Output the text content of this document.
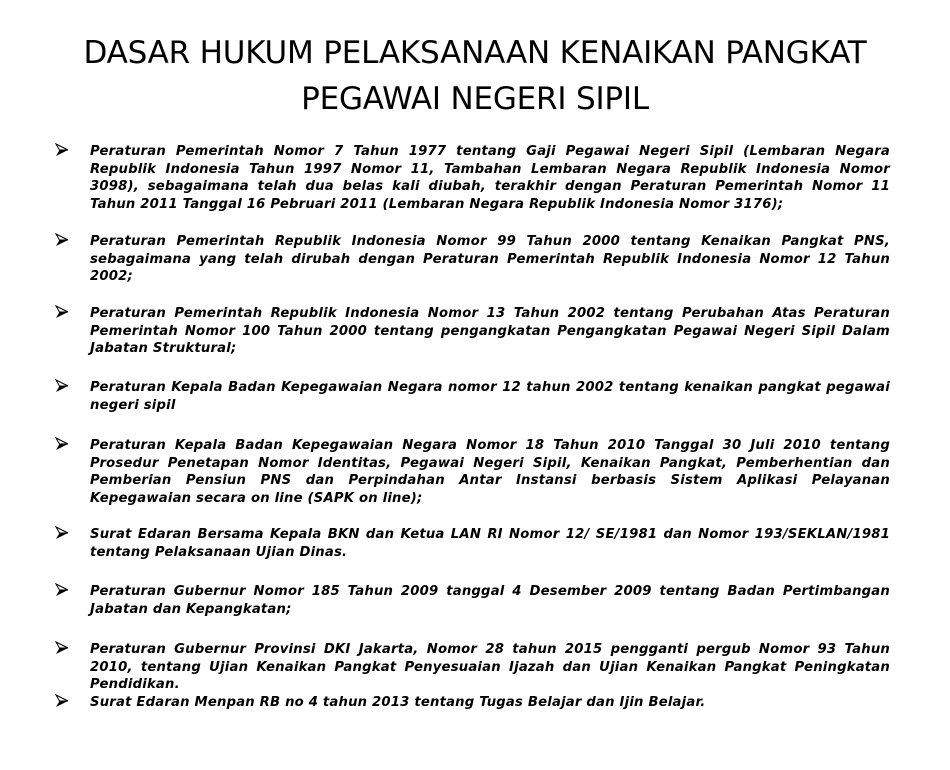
DASAR HUKUM PELAKSANAAN KENAIKAN PANGKAT
PEGAWAI NEGERI SIPIL
Peraturan Pemerintah Nomor 7 Tahun 1977 tentang Gaji Pegawai Negeri Sipil (Lembaran Negara Republik Indonesia Tahun 1997 Nomor 11, Tambahan Lembaran Negara Republik Indonesia Nomor 3098), sebagaimana telah dua belas kali diubah, terakhir dengan Peraturan Pemerintah Nomor 11 Tahun 2011 Tanggal 16 Pebruari 2011 (Lembaran Negara Republik Indonesia Nomor 3176);
Peraturan Pemerintah Republik Indonesia Nomor 99 Tahun 2000 tentang Kenaikan Pangkat PNS, sebagaimana yang telah dirubah dengan Peraturan Pemerintah Republik Indonesia Nomor 12 Tahun 2002;
Peraturan Pemerintah Republik Indonesia Nomor 13 Tahun 2002 tentang Perubahan Atas Peraturan Pemerintah Nomor 100 Tahun 2000 tentang pengangkatan Pengangkatan Pegawai Negeri Sipil Dalam Jabatan Struktural;
Peraturan Kepala Badan Kepegawaian Negara nomor 12 tahun 2002 tentang kenaikan pangkat pegawai negeri sipil
Peraturan Kepala Badan Kepegawaian Negara Nomor 18 Tahun 2010 Tanggal 30 Juli 2010 tentang Prosedur Penetapan Nomor Identitas, Pegawai Negeri Sipil, Kenaikan Pangkat, Pemberhentian dan Pemberian Pensiun PNS dan Perpindahan Antar Instansi berbasis Sistem Aplikasi Pelayanan Kepegawaian secara on line (SAPK on line);
Surat Edaran Bersama Kepala BKN dan Ketua LAN RI Nomor 12/ SE/1981 dan Nomor 193/SEKLAN/1981 tentang Pelaksanaan Ujian Dinas.
Peraturan Gubernur Nomor 185 Tahun 2009 tanggal 4 Desember 2009 tentang Badan Pertimbangan Jabatan dan Kepangkatan;
Peraturan Gubernur Provinsi DKI Jakarta, Nomor 28 tahun 2015 pengganti pergub Nomor 93 Tahun 2010, tentang Ujian Kenaikan Pangkat Penyesuaian Ijazah dan Ujian Kenaikan Pangkat Peningkatan Pendidikan.
Surat Edaran Menpan RB no 4 tahun 2013 tentang Tugas Belajar dan Ijin Belajar.
